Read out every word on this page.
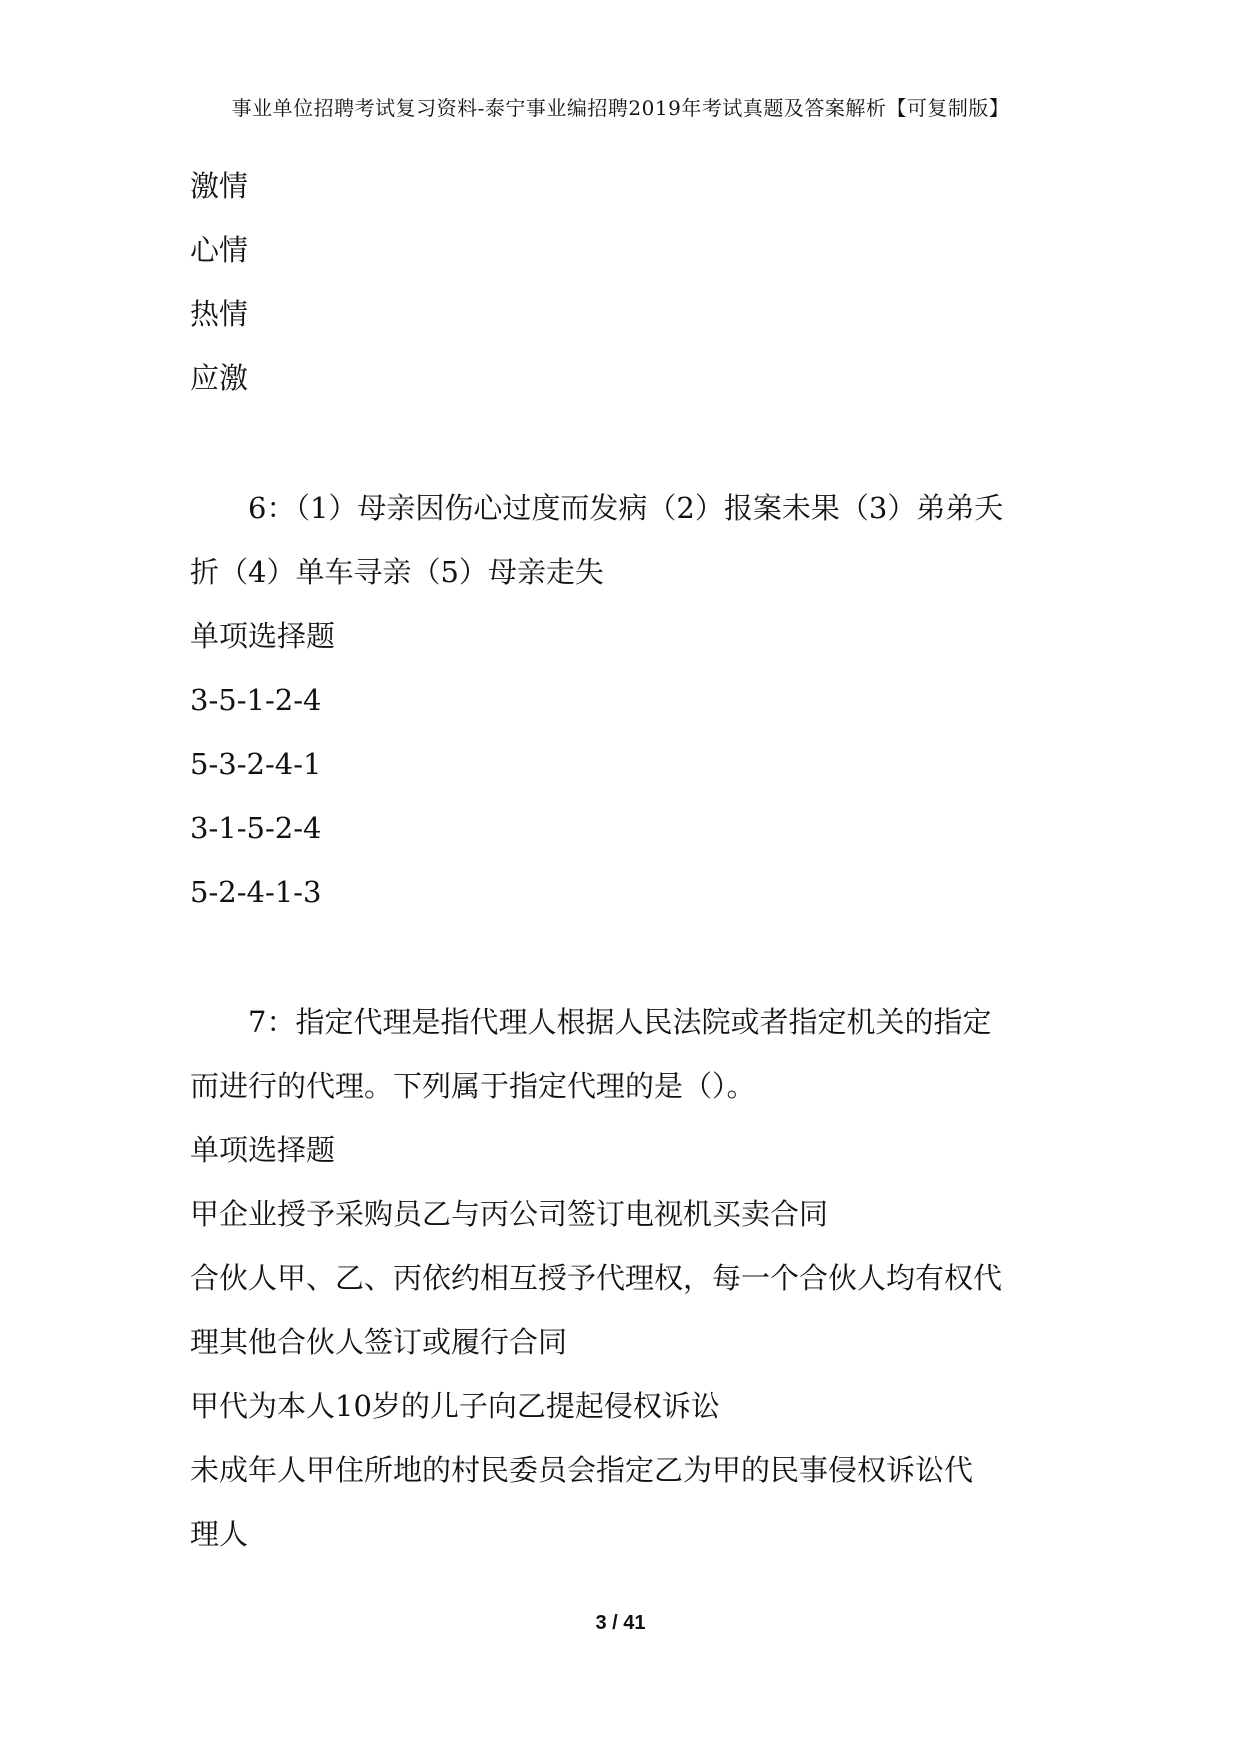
事业单位招聘考试复习资料-泰宁事业编招聘2019年考试真题及答案解析【可复制版】
激情
心情
热情
应激
6：（1）母亲因伤心过度而发病（2）报案未果（3）弟弟夭
折（4）单车寻亲（5）母亲走失
单项选择题
3-5-1-2-4
5-3-2-4-1
3-1-5-2-4
5-2-4-1-3
7：指定代理是指代理人根据人民法院或者指定机关的指定
而进行的代理。下列属于指定代理的是（）。
单项选择题
甲企业授予采购员乙与丙公司签订电视机买卖合同
合伙人甲、乙、丙依约相互授予代理权，每一个合伙人均有权代
理其他合伙人签订或履行合同
甲代为本人10岁的儿子向乙提起侵权诉讼
未成年人甲住所地的村民委员会指定乙为甲的民事侵权诉讼代
理人
3 / 41
